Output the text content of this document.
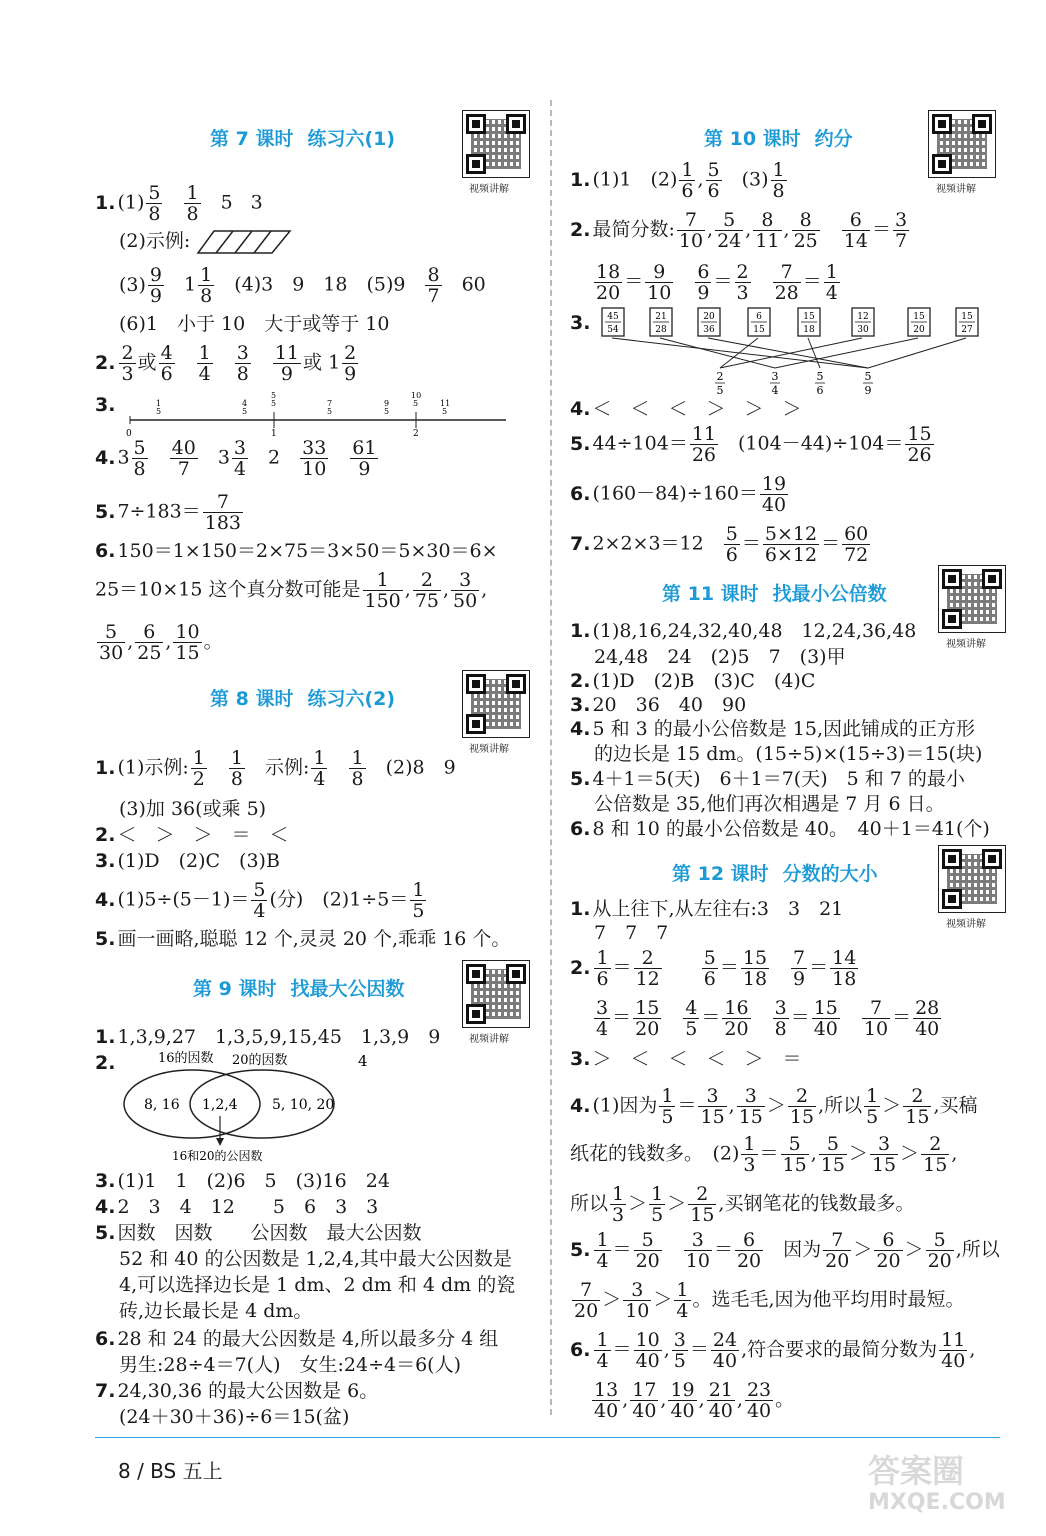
第 7 课时 练习六(1)
视频讲解
1. $(1) \frac{5}{8} \frac{1}{8} 5$ 3
(2)示例:
$(3) \frac{9}{9} 1 \frac{1}{8} (4)3$　9　18　$(5)9 \frac{8}{7} 60$
(6)1　小于 10　大于或等于 10
2. $\frac{2}{3}$ 或 $\frac{4}{6} \frac{1}{4} \frac{3}{8} \frac{11}{9}$ 或 $1 \frac{2}{9}$
3.
0	1	2
1
5
4
5
5
5	7
5
9
5
10
5	11
5
4. $3 \frac{5}{8} \frac{40}{7} 3 \frac{3}{4} 2 \frac{33}{10} \frac{61}{9}$
5. $7\div 183= \frac{7}{183}$
6. 150＝1×150＝2×75＝3×50＝5×30＝6×
25＝10×15 这个真分数可能是 $\frac{1}{150}$ , $\frac{2}{75}$ , $\frac{3}{50}$ ,
$\frac{5}{30}$ , $\frac{6}{25}$ , $\frac{10}{15}$ 。
第 8 课时 练习六(2)
视频讲解
1. (1)示例: $\frac{1}{2} \frac{1}{8}$ 示例: $\frac{1}{4} \frac{1}{8} (2)8$　9
(3)加 36(或乘 5)
2. ＜　＞　＞　＝　＜
3. (1)D　(2)C　(3)B
4. $(1)5\div(5-1)= \frac{5}{4}$ (分)　$(2)1\div 5= \frac{1}{5}$
5. 画一画略,聪聪 12 个,灵灵 20 个,乖乖 16 个。
第 9 课时 找最大公因数
视频讲解
1. 1,3,9,27　1,3,5,9,15,45　1,3,9　9
2.	16的因数 20的因数	4
8, 16 1,2,4 5, 10, 20
16和20的公因数
3. (1)1　1　(2)6　5　(3)16　24
4. 2　3　4　12　　5　6　3　3
5. 因数　因数　　公因数　最大公因数
52 和 40 的公因数是 1,2,4,其中最大公因数是 4,可以选择边长是 1 dm、2 dm 和 4 dm 的瓷砖,边长最长是 4 dm。
6. 28 和 24 的最大公因数是 4,所以最多分 4 组
男生:28÷4＝7(人)　女生:24÷4＝6(人)
7. 24,30,36 的最大公因数是 6。
(24＋30＋36)÷6＝15(盆)
第 10 课时 约分
视频讲解
1. (1)1　$(2) \frac{1}{6}$ , $\frac{5}{6} (3) \frac{1}{8}$
2. 最简分数: $\frac{7}{10}$ , $\frac{5}{24}$ , $\frac{8}{11}$ , $\frac{8}{25} \frac{6}{14} = \frac{3}{7}$
$\frac{18}{20} = \frac{9}{10} \frac{6}{9} = \frac{2}{3} \frac{7}{28} = \frac{1}{4}$
3. 45
54
21
28
20
36
6
15
15
18
12
30
15
20
15
27
2
5
3
4
5
6
5
9
4. ＜　＜　＜　＞　＞　＞
5. $44\div 104= \frac{11}{26} (104-44)\div 104= \frac{15}{26}$
6. $(160-84)\div 160= \frac{19}{40}$
7. $2\times 2\times 3=12 \frac{5}{6} = \frac{5\times 12}{6\times 12} = \frac{60}{72}$
第 11 课时 找最小公倍数
视频讲解
1. (1)8,16,24,32,40,48　12,24,36,48
24,48　24　(2)5　7　(3)甲
2. (1)D　(2)B　(3)C　(4)C
3. 20　36　40　90
4. 5 和 3 的最小公倍数是 15,因此铺成的正方形
的边长是 15 dm。(15÷5)×(15÷3)＝15(块)
5. 4＋1＝5(天)　6＋1＝7(天)　5 和 7 的最小
公倍数是 35,他们再次相遇是 7 月 6 日。
6. 8 和 10 的最小公倍数是 40。　40＋1＝41(个)
第 12 课时 分数的大小
视频讲解
1. 从上往下,从左往右:3　3　21
7　7　7
2. $\frac{1}{6} = \frac{2}{12} \frac{5}{6} = \frac{15}{18} \frac{7}{9} = \frac{14}{18}$
$\frac{3}{4} = \frac{15}{20} \frac{4}{5} = \frac{16}{20} \frac{3}{8} = \frac{15}{40} \frac{7}{10} = \frac{28}{40}$
3. ＞　＜　＜　＜　＞　＝
4. (1)因为 $\frac{1}{5} = \frac{3}{15}$ , $\frac{3}{15} > \frac{2}{15}$ ,所以 $\frac{1}{5} > \frac{2}{15}$ ,买稿
纸花的钱数多。　$(2) \frac{1}{3} = \frac{5}{15}$ , $\frac{5}{15} > \frac{3}{15} > \frac{2}{15}$ ,
所以 $\frac{1}{3} > \frac{1}{5} > \frac{2}{15}$ ,买钢笔花的钱数最多。
5. $\frac{1}{4} = \frac{5}{20} \frac{3}{10} = \frac{6}{20}$ 因为 $\frac{7}{20} > \frac{6}{20} > \frac{5}{20}$ ,所以
$\frac{7}{20} > \frac{3}{10} > \frac{1}{4}$ 。选毛毛,因为他平均用时最短。
6. $\frac{1}{4} = \frac{10}{40}$ , $\frac{3}{5} = \frac{24}{40}$ ,符合要求的最简分数为 $\frac{11}{40}$ ,
$\frac{13}{40}$ , $\frac{17}{40}$ , $\frac{19}{40}$ , $\frac{21}{40}$ , $\frac{23}{40}$ 。
8 / BS 五上	答案圈
MXQE.COM
